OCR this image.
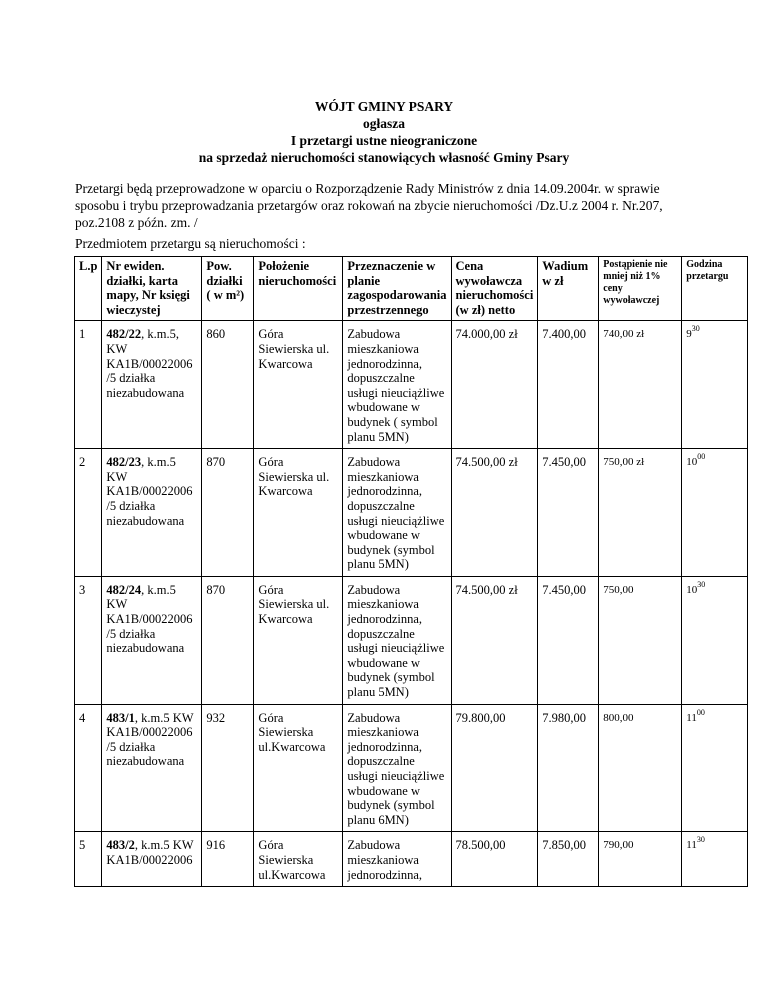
WÓJT GMINY PSARY
ogłasza
I przetargi ustne nieograniczone
na sprzedaż nieruchomości stanowiących własność Gminy Psary
Przetargi będą przeprowadzone w oparciu o Rozporządzenie Rady Ministrów z dnia 14.09.2004r. w sprawie sposobu i trybu przeprowadzania przetargów oraz rokowań na zbycie nieruchomości /Dz.U.z 2004 r. Nr.207, poz.2108 z późn. zm. /
Przedmiotem przetargu są nieruchomości :
L.p	Nr ewiden. działki, karta mapy, Nr księgi wieczystej	Pow. działki ( w m²)	Położenie nieruchomości	Przeznaczenie w planie zagospodarowania przestrzennego	Cena wywoławcza nieruchomości (w zł) netto	Wadium w zł	Postąpienie nie mniej niż 1% ceny wywoławczej	Godzina przetargu
1	482/22, k.m.5, KW KA1B/00022006 /5 działka niezabudowana	860	Góra Siewierska ul. Kwarcowa	Zabudowa mieszkaniowa jednorodzinna, dopuszczalne usługi nieuciążliwe wbudowane w budynek ( symbol planu 5MN)	74.000,00 zł	7.400,00	740,00 zł	$9^{30}$
2	482/23, k.m.5 KW KA1B/00022006 /5 działka niezabudowana	870	Góra Siewierska ul. Kwarcowa	Zabudowa mieszkaniowa jednorodzinna, dopuszczalne usługi nieuciążliwe wbudowane w budynek (symbol planu 5MN)	74.500,00 zł	7.450,00	750,00 zł	$10^{00}$
3	482/24, k.m.5 KW KA1B/00022006 /5 działka niezabudowana	870	Góra Siewierska ul. Kwarcowa	Zabudowa mieszkaniowa jednorodzinna, dopuszczalne usługi nieuciążliwe wbudowane w budynek (symbol planu 5MN)	74.500,00 zł	7.450,00	750,00	$10^{30}$
4	483/1, k.m.5 KW KA1B/00022006 /5 działka niezabudowana	932	Góra Siewierska ul.Kwarcowa	Zabudowa mieszkaniowa jednorodzinna, dopuszczalne usługi nieuciążliwe wbudowane w budynek (symbol planu 6MN)	79.800,00	7.980,00	800,00	$11^{00}$
5	483/2, k.m.5 KW KA1B/00022006	916	Góra Siewierska ul.Kwarcowa	Zabudowa mieszkaniowa jednorodzinna,	78.500,00	7.850,00	790,00	$11^{30}$
